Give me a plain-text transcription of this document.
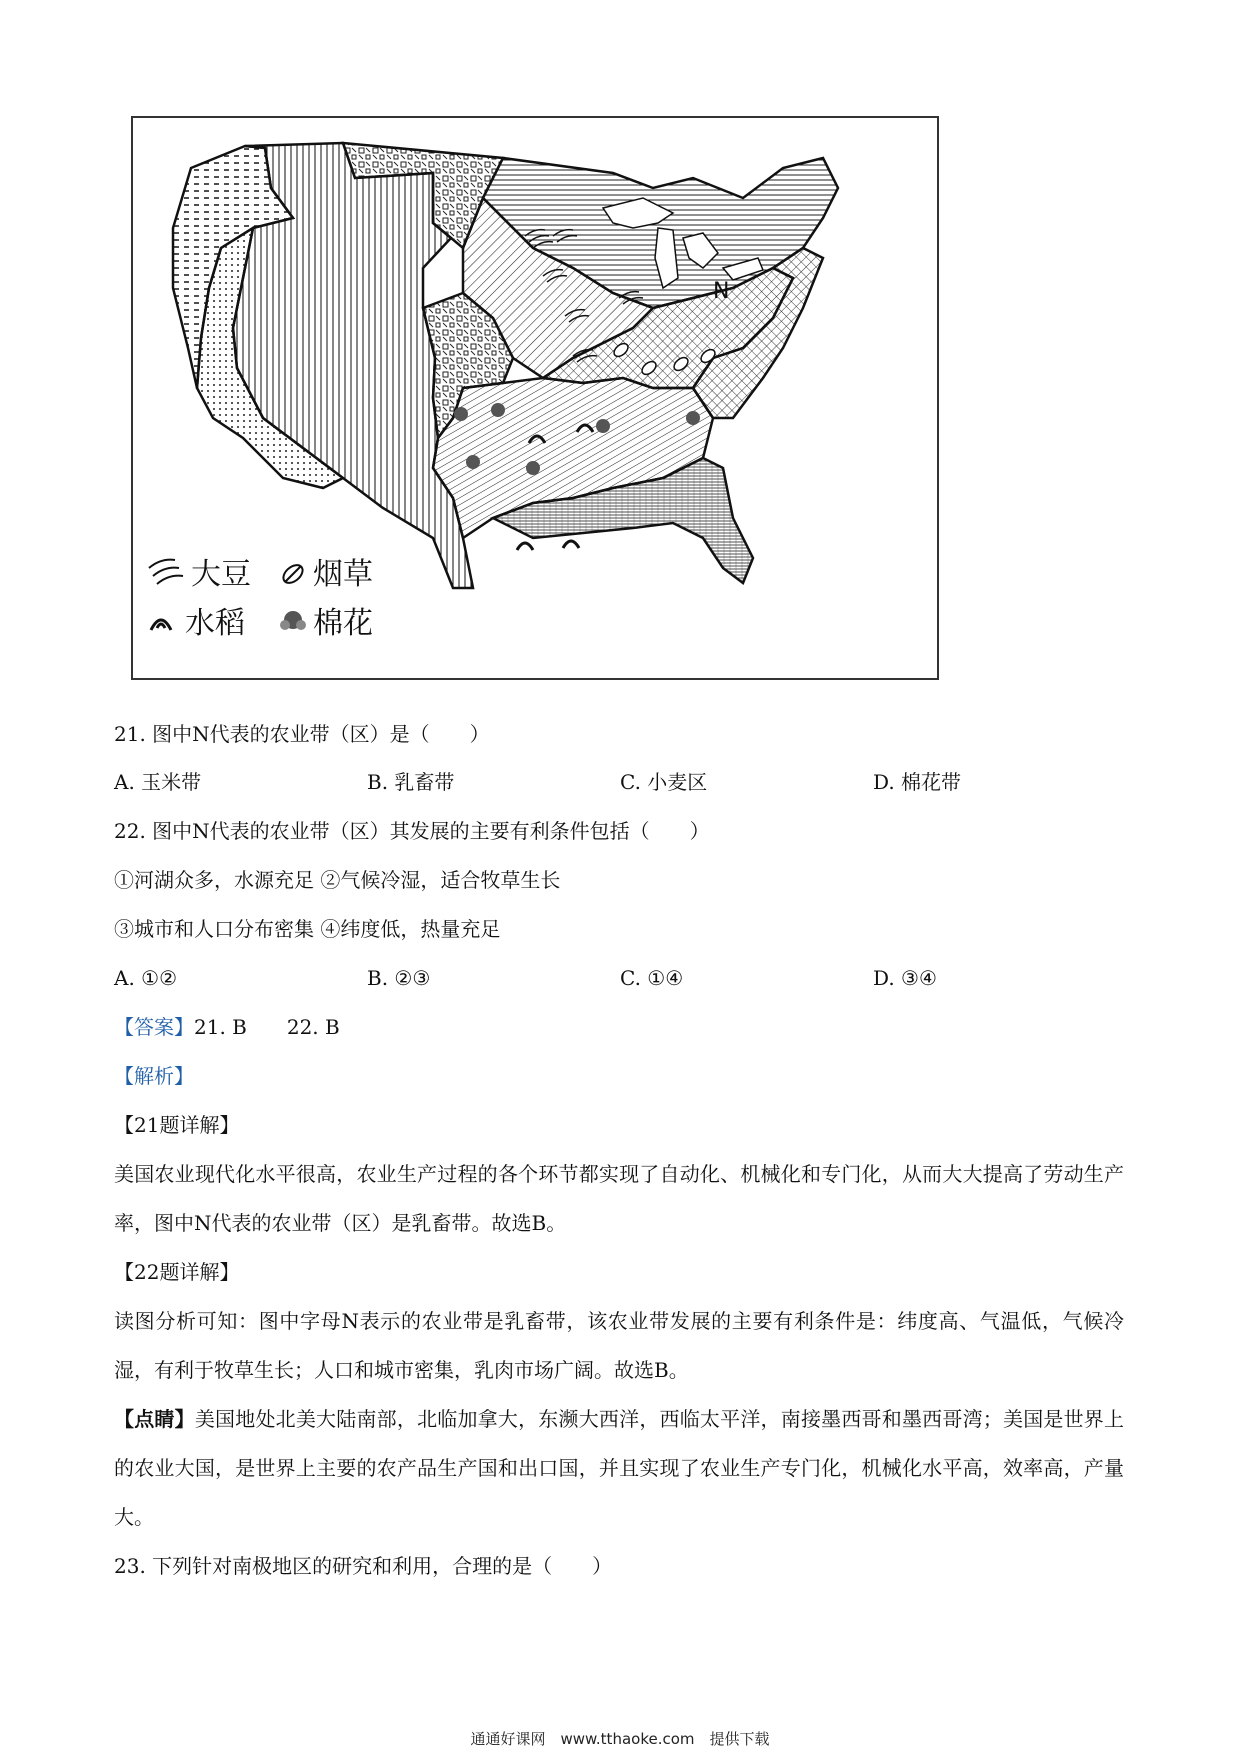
N
大豆 烟草
水稻 棉花
21. 图中N代表的农业带（区）是（　　）
A. 玉米带	B. 乳畜带	C. 小麦区	D. 棉花带
22. 图中N代表的农业带（区）其发展的主要有利条件包括（　　）
①河湖众多，水源充足 ②气候冷湿，适合牧草生长
③城市和人口分布密集 ④纬度低，热量充足
A. ①②	B. ②③	C. ①④	D. ③④
【答案】21. B　　22. B
【解析】
【21题详解】
美国农业现代化水平很高，农业生产过程的各个环节都实现了自动化、机械化和专门化，从而大大提高了劳动生产率，图中N代表的农业带（区）是乳畜带。故选B。
【22题详解】
读图分析可知：图中字母N表示的农业带是乳畜带，该农业带发展的主要有利条件是：纬度高、气温低，气候冷湿，有利于牧草生长；人口和城市密集，乳肉市场广阔。故选B。
【点睛】美国地处北美大陆南部，北临加拿大，东濒大西洋，西临太平洋，南接墨西哥和墨西哥湾；美国是世界上的农业大国，是世界上主要的农产品生产国和出口国，并且实现了农业生产专门化，机械化水平高，效率高，产量大。
23. 下列针对南极地区的研究和利用，合理的是（　　）
通通好课网　www.tthaoke.com　提供下载
